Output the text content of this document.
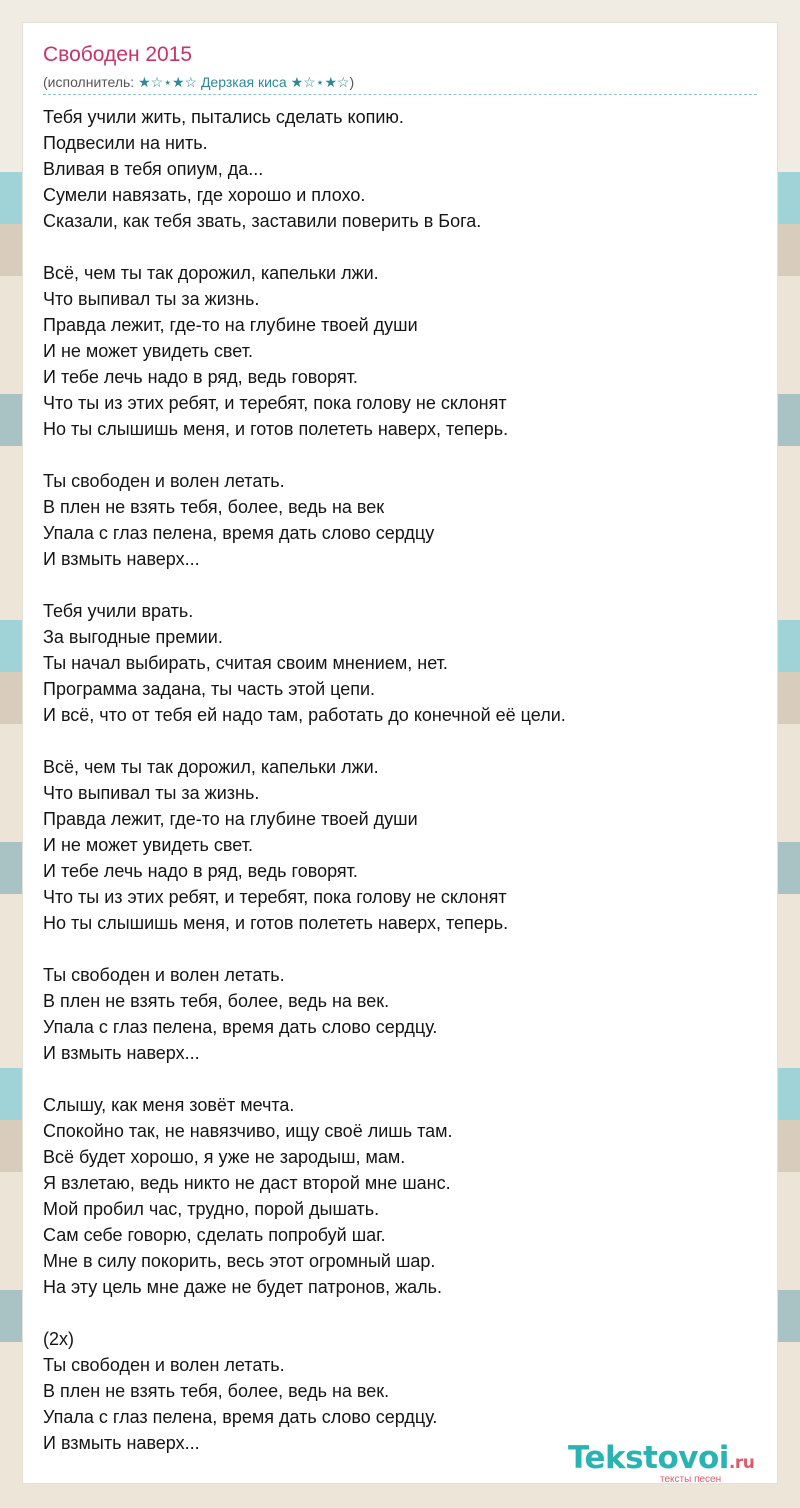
Свободен 2015
(исполнитель: ★☆⋆★☆ Дерзкая киса ★☆⋆★☆)
Тебя учили жить, пытались сделать копию.
Подвесили на нить.
Вливая в тебя опиум, да...
Сумели навязать, где хорошо и плохо.
Сказали, как тебя звать, заставили поверить в Бога.
Всё, чем ты так дорожил, капельки лжи.
Что выпивал ты за жизнь.
Правда лежит, где-то на глубине твоей души
И не может увидеть свет.
И тебе лечь надо в ряд, ведь говорят.
Что ты из этих ребят, и теребят, пока голову не склонят
Но ты слышишь меня, и готов полететь наверх, теперь.
Ты свободен и волен летать.
В плен не взять тебя, более, ведь на век
Упала с глаз пелена, время дать слово сердцу
И взмыть наверх...
Тебя учили врать.
За выгодные премии.
Ты начал выбирать, считая своим мнением, нет.
Программа задана, ты часть этой цепи.
И всё, что от тебя ей надо там, работать до конечной её цели.
Всё, чем ты так дорожил, капельки лжи.
Что выпивал ты за жизнь.
Правда лежит, где-то на глубине твоей души
И не может увидеть свет.
И тебе лечь надо в ряд, ведь говорят.
Что ты из этих ребят, и теребят, пока голову не склонят
Но ты слышишь меня, и готов полететь наверх, теперь.
Ты свободен и волен летать.
В плен не взять тебя, более, ведь на век.
Упала с глаз пелена, время дать слово сердцу.
И взмыть наверх...
Слышу, как меня зовёт мечта.
Спокойно так, не навязчиво, ищу своё лишь там.
Всё будет хорошо, я уже не зародыш, мам.
Я взлетаю, ведь никто не даст второй мне шанс.
Мой пробил час, трудно, порой дышать.
Сам себе говорю, сделать попробуй шаг.
Мне в силу покорить, весь этот огромный шар.
На эту цель мне даже не будет патронов, жаль.
(2x)
Ты свободен и волен летать.
В плен не взять тебя, более, ведь на век.
Упала с глаз пелена, время дать слово сердцу.
И взмыть наверх...	Tekstovoi.ru
тексты песен
